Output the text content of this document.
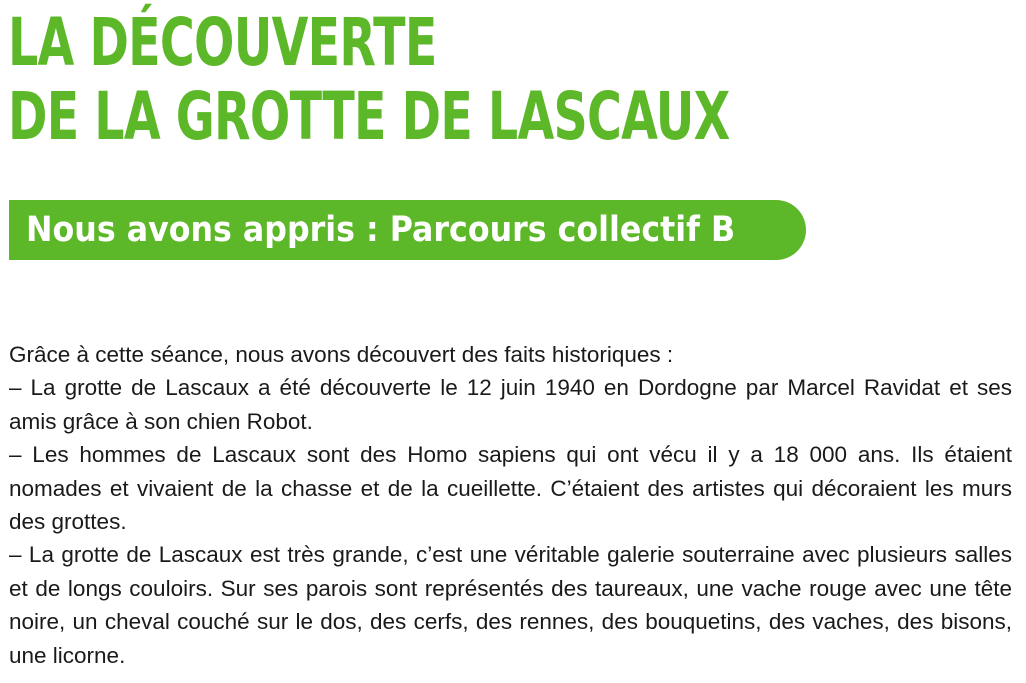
LA DÉCOUVERTE
DE LA GROTTE DE LASCAUX
Nous avons appris : Parcours collectif B

Grâce à cette séance, nous avons découvert des faits historiques :

– La grotte de Lascaux a été découverte le 12 juin 1940 en Dordogne par Marcel Ravidat et ses amis grâce à son chien Robot.

– Les hommes de Lascaux sont des Homo sapiens qui ont vécu il y a 18 000 ans. Ils étaient nomades et vivaient de la chasse et de la cueillette. C’étaient des artistes qui décoraient les murs des grottes.

– La grotte de Lascaux est très grande, c’est une véritable galerie souterraine avec plusieurs salles et de longs couloirs. Sur ses parois sont représentés des taureaux, une vache rouge avec une tête noire, un cheval couché sur le dos, des cerfs, des rennes, des bouquetins, des vaches, des bisons, une licorne.
